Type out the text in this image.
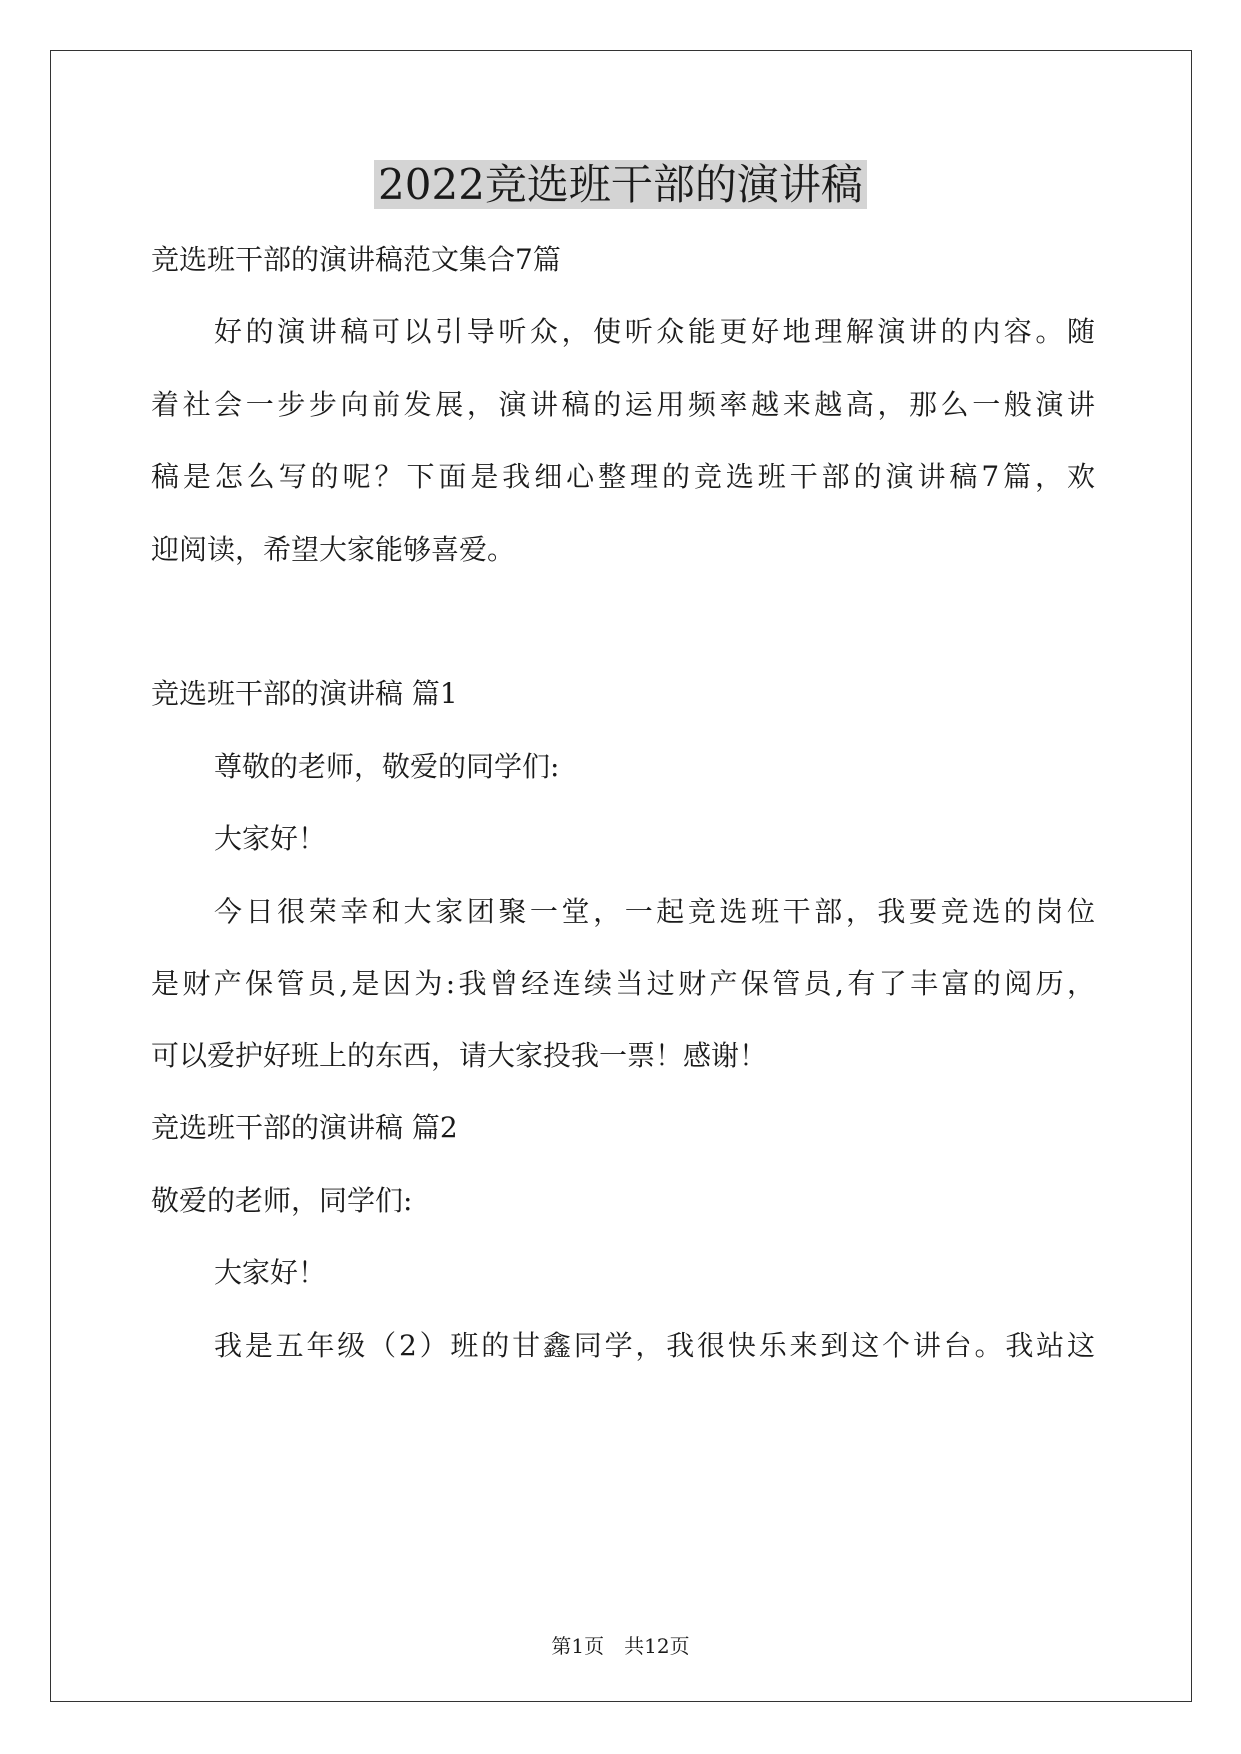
2022竞选班干部的演讲稿
竞选班干部的演讲稿范文集合7篇
好的演讲稿可以引导听众，使听众能更好地理解演讲的内容。随
着社会一步步向前发展，演讲稿的运用频率越来越高，那么一般演讲
稿是怎么写的呢？下面是我细心整理的竞选班干部的演讲稿7篇，欢
迎阅读，希望大家能够喜爱。
竞选班干部的演讲稿 篇1
尊敬的老师，敬爱的同学们:
大家好！
今日很荣幸和大家团聚一堂，一起竞选班干部，我要竞选的岗位
是财产保管员,是因为:我曾经连续当过财产保管员,有了丰富的阅历，
可以爱护好班上的东西，请大家投我一票！感谢！
竞选班干部的演讲稿 篇2
敬爱的老师，同学们:
大家好！
我是五年级（2）班的甘鑫同学，我很快乐来到这个讲台。我站这
第1页　共12页
